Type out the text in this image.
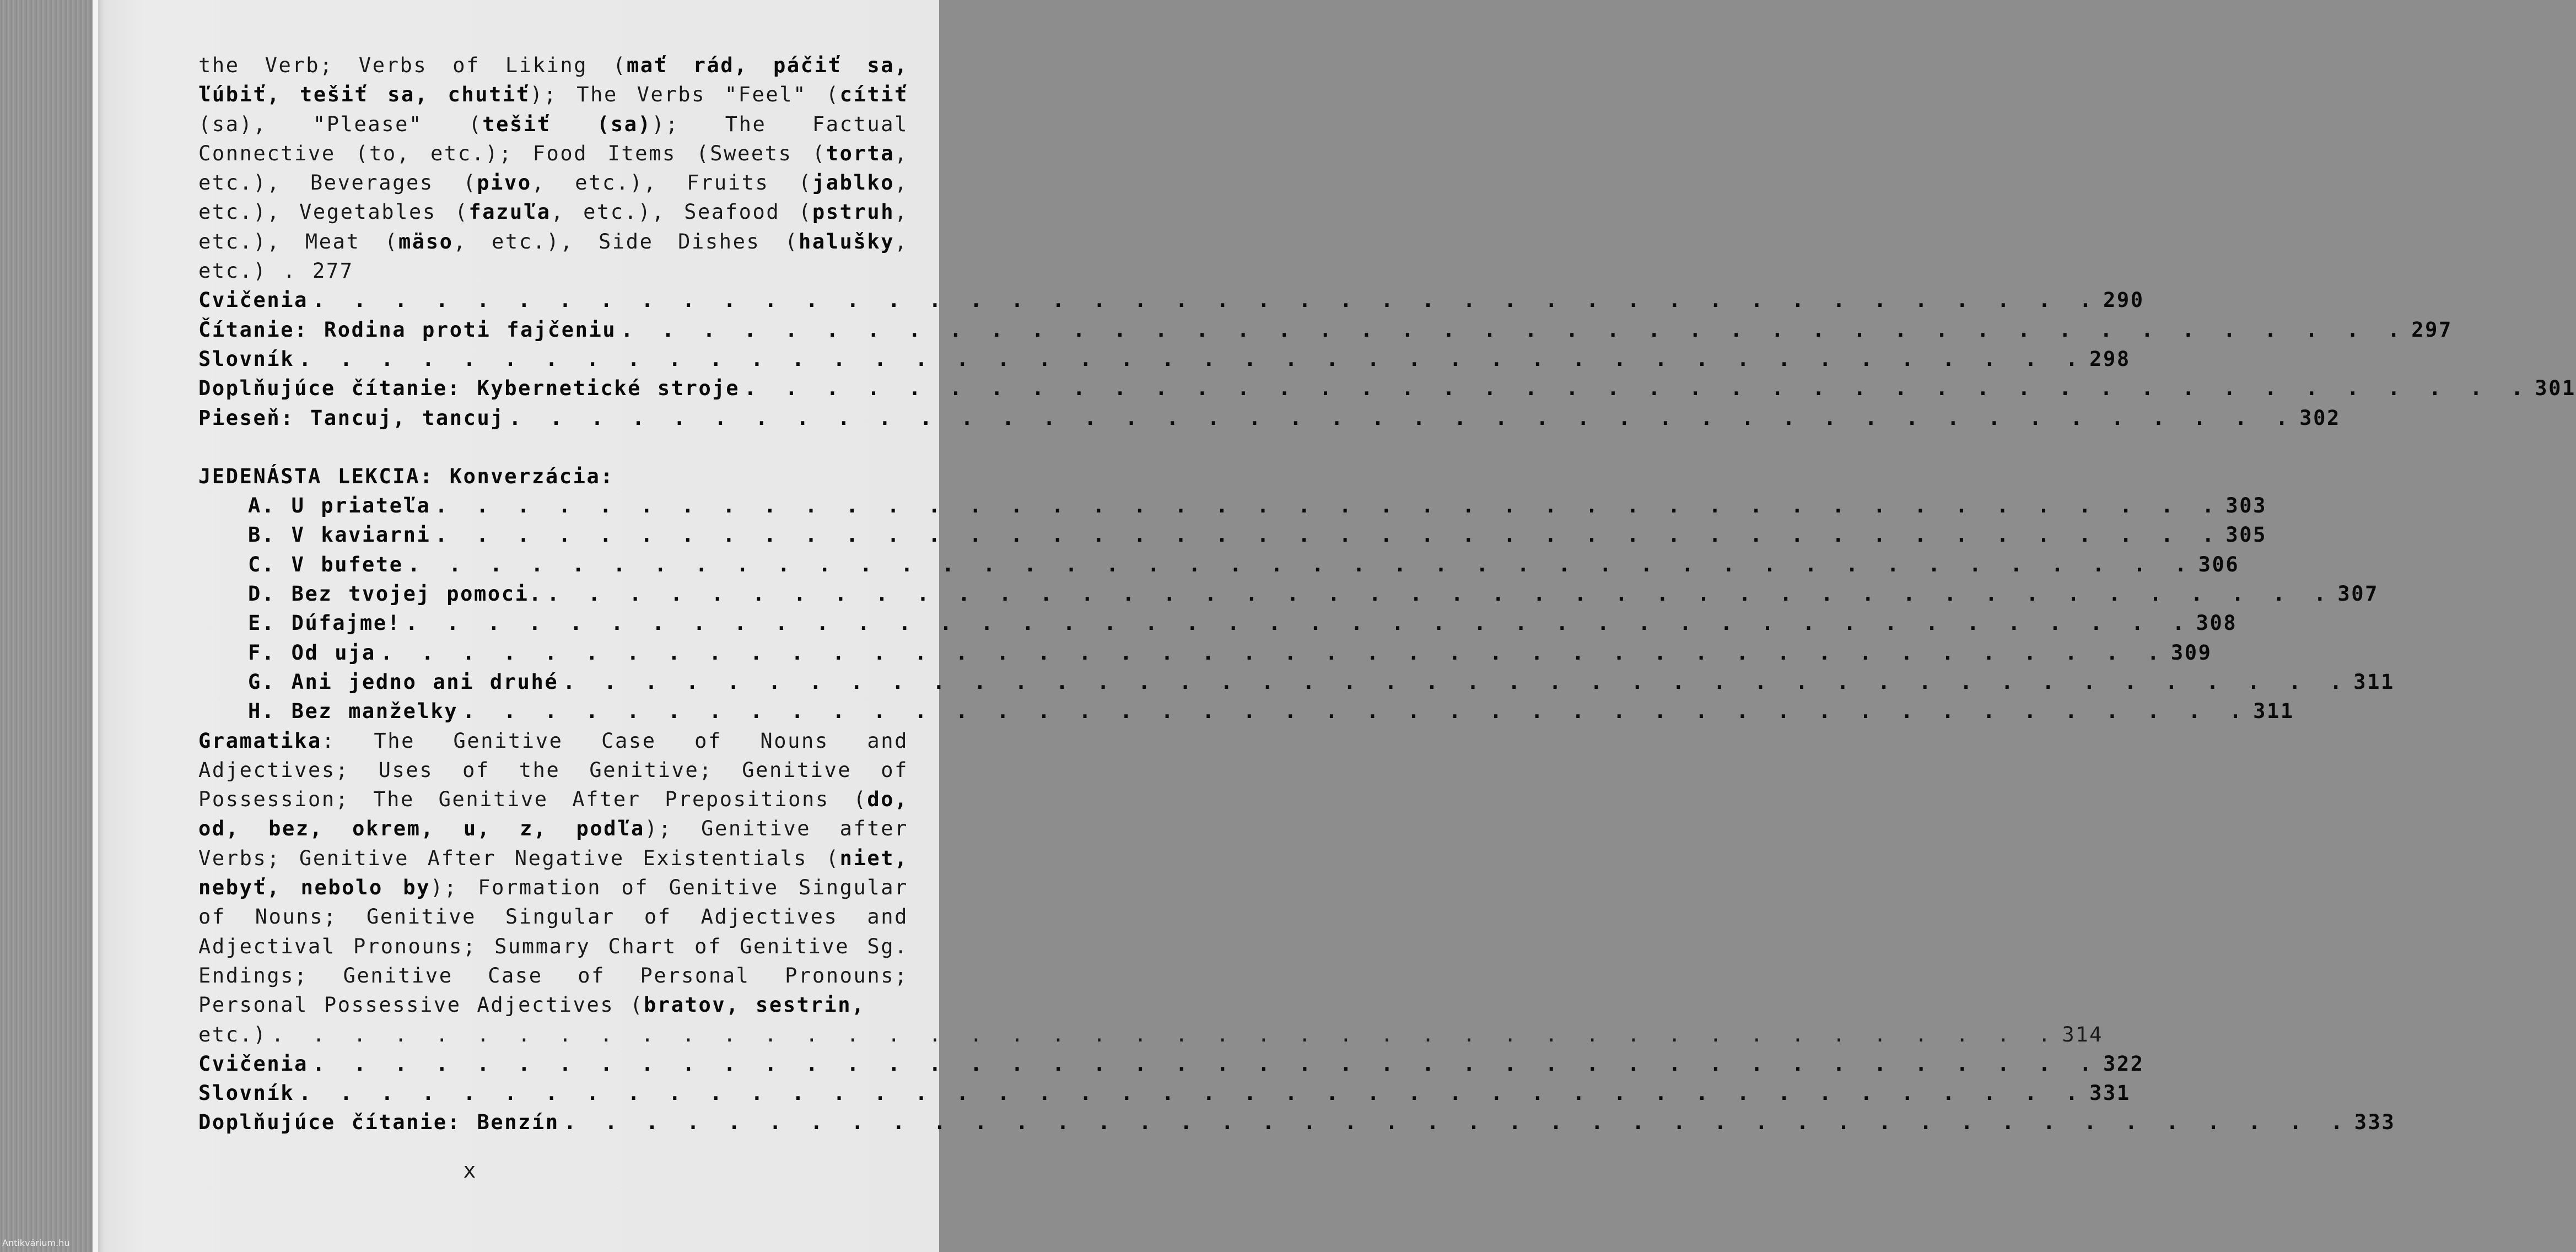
the Verb; Verbs of Liking (mať rád, páčiť sa, ľúbiť, tešiť sa, chutiť); The Verbs "Feel" (cítiť (sa), "Please" (tešiť (sa)); The Factual Connective (to, etc.); Food Items (Sweets (torta, etc.), Beverages (pivo, etc.), Fruits (jablko, etc.), Vegetables (fazuľa, etc.), Seafood (pstruh, etc.), Meat (mäso, etc.), Side Dishes (halušky, etc.) . 277

Cvičenia . . . . . . . . . . . . . . . . . . . . . . . . . . . . . . . . . . . . . . . . . . . . 290
Čítanie: Rodina proti fajčeniu . . . . . . . . . . . . . . . . . . . . . . . . . . . . . . . . . . . . . . . . . . . . 297
Slovník . . . . . . . . . . . . . . . . . . . . . . . . . . . . . . . . . . . . . . . . . . . . 298
Doplňujúce čítanie: Kybernetické stroje . . . . . . . . . . . . . . . . . . . . . . . . . . . . . . . . . . . . . . . . . . . . 301
Pieseň: Tancuj, tancuj . . . . . . . . . . . . . . . . . . . . . . . . . . . . . . . . . . . . . . . . . . . . 302
JEDENÁSTA LEKCIA: Konverzácia:
A. U priateľa . . . . . . . . . . . . . . . . . . . . . . . . . . . . . . . . . . . . . . . . . . . . 303
B. V kaviarni . . . . . . . . . . . . . . . . . . . . . . . . . . . . . . . . . . . . . . . . . . . . 305
C. V bufete . . . . . . . . . . . . . . . . . . . . . . . . . . . . . . . . . . . . . . . . . . . . 306
D. Bez tvojej pomoci. . . . . . . . . . . . . . . . . . . . . . . . . . . . . . . . . . . . . . . . . . . . . 307
E. Dúfajme! . . . . . . . . . . . . . . . . . . . . . . . . . . . . . . . . . . . . . . . . . . . . 308
F. Od uja . . . . . . . . . . . . . . . . . . . . . . . . . . . . . . . . . . . . . . . . . . . . 309
G. Ani jedno ani druhé . . . . . . . . . . . . . . . . . . . . . . . . . . . . . . . . . . . . . . . . . . . . 311
H. Bez manželky . . . . . . . . . . . . . . . . . . . . . . . . . . . . . . . . . . . . . . . . . . . . 311

Gramatika: The Genitive Case of Nouns and Adjectives; Uses of the Genitive; Genitive of Possession; The Genitive After Prepositions (do, od, bez, okrem, u, z, podľa); Genitive after Verbs; Genitive After Negative Existentials (niet, nebyť, nebolo by); Formation of Genitive Singular of Nouns; Genitive Singular of Adjectives and Adjectival Pronouns; Summary Chart of Genitive Sg. Endings; Genitive Case of Personal Pronouns; Personal Possessive Adjectives (bratov, sestrin,

etc.) . . . . . . . . . . . . . . . . . . . . . . . . . . . . . . . . . . . . . . . . . . . . 314
Cvičenia . . . . . . . . . . . . . . . . . . . . . . . . . . . . . . . . . . . . . . . . . . . . 322
Slovník . . . . . . . . . . . . . . . . . . . . . . . . . . . . . . . . . . . . . . . . . . . . 331
Doplňujúce čítanie: Benzín . . . . . . . . . . . . . . . . . . . . . . . . . . . . . . . . . . . . . . . . . . . . 333
x
Antikvárium.hu
